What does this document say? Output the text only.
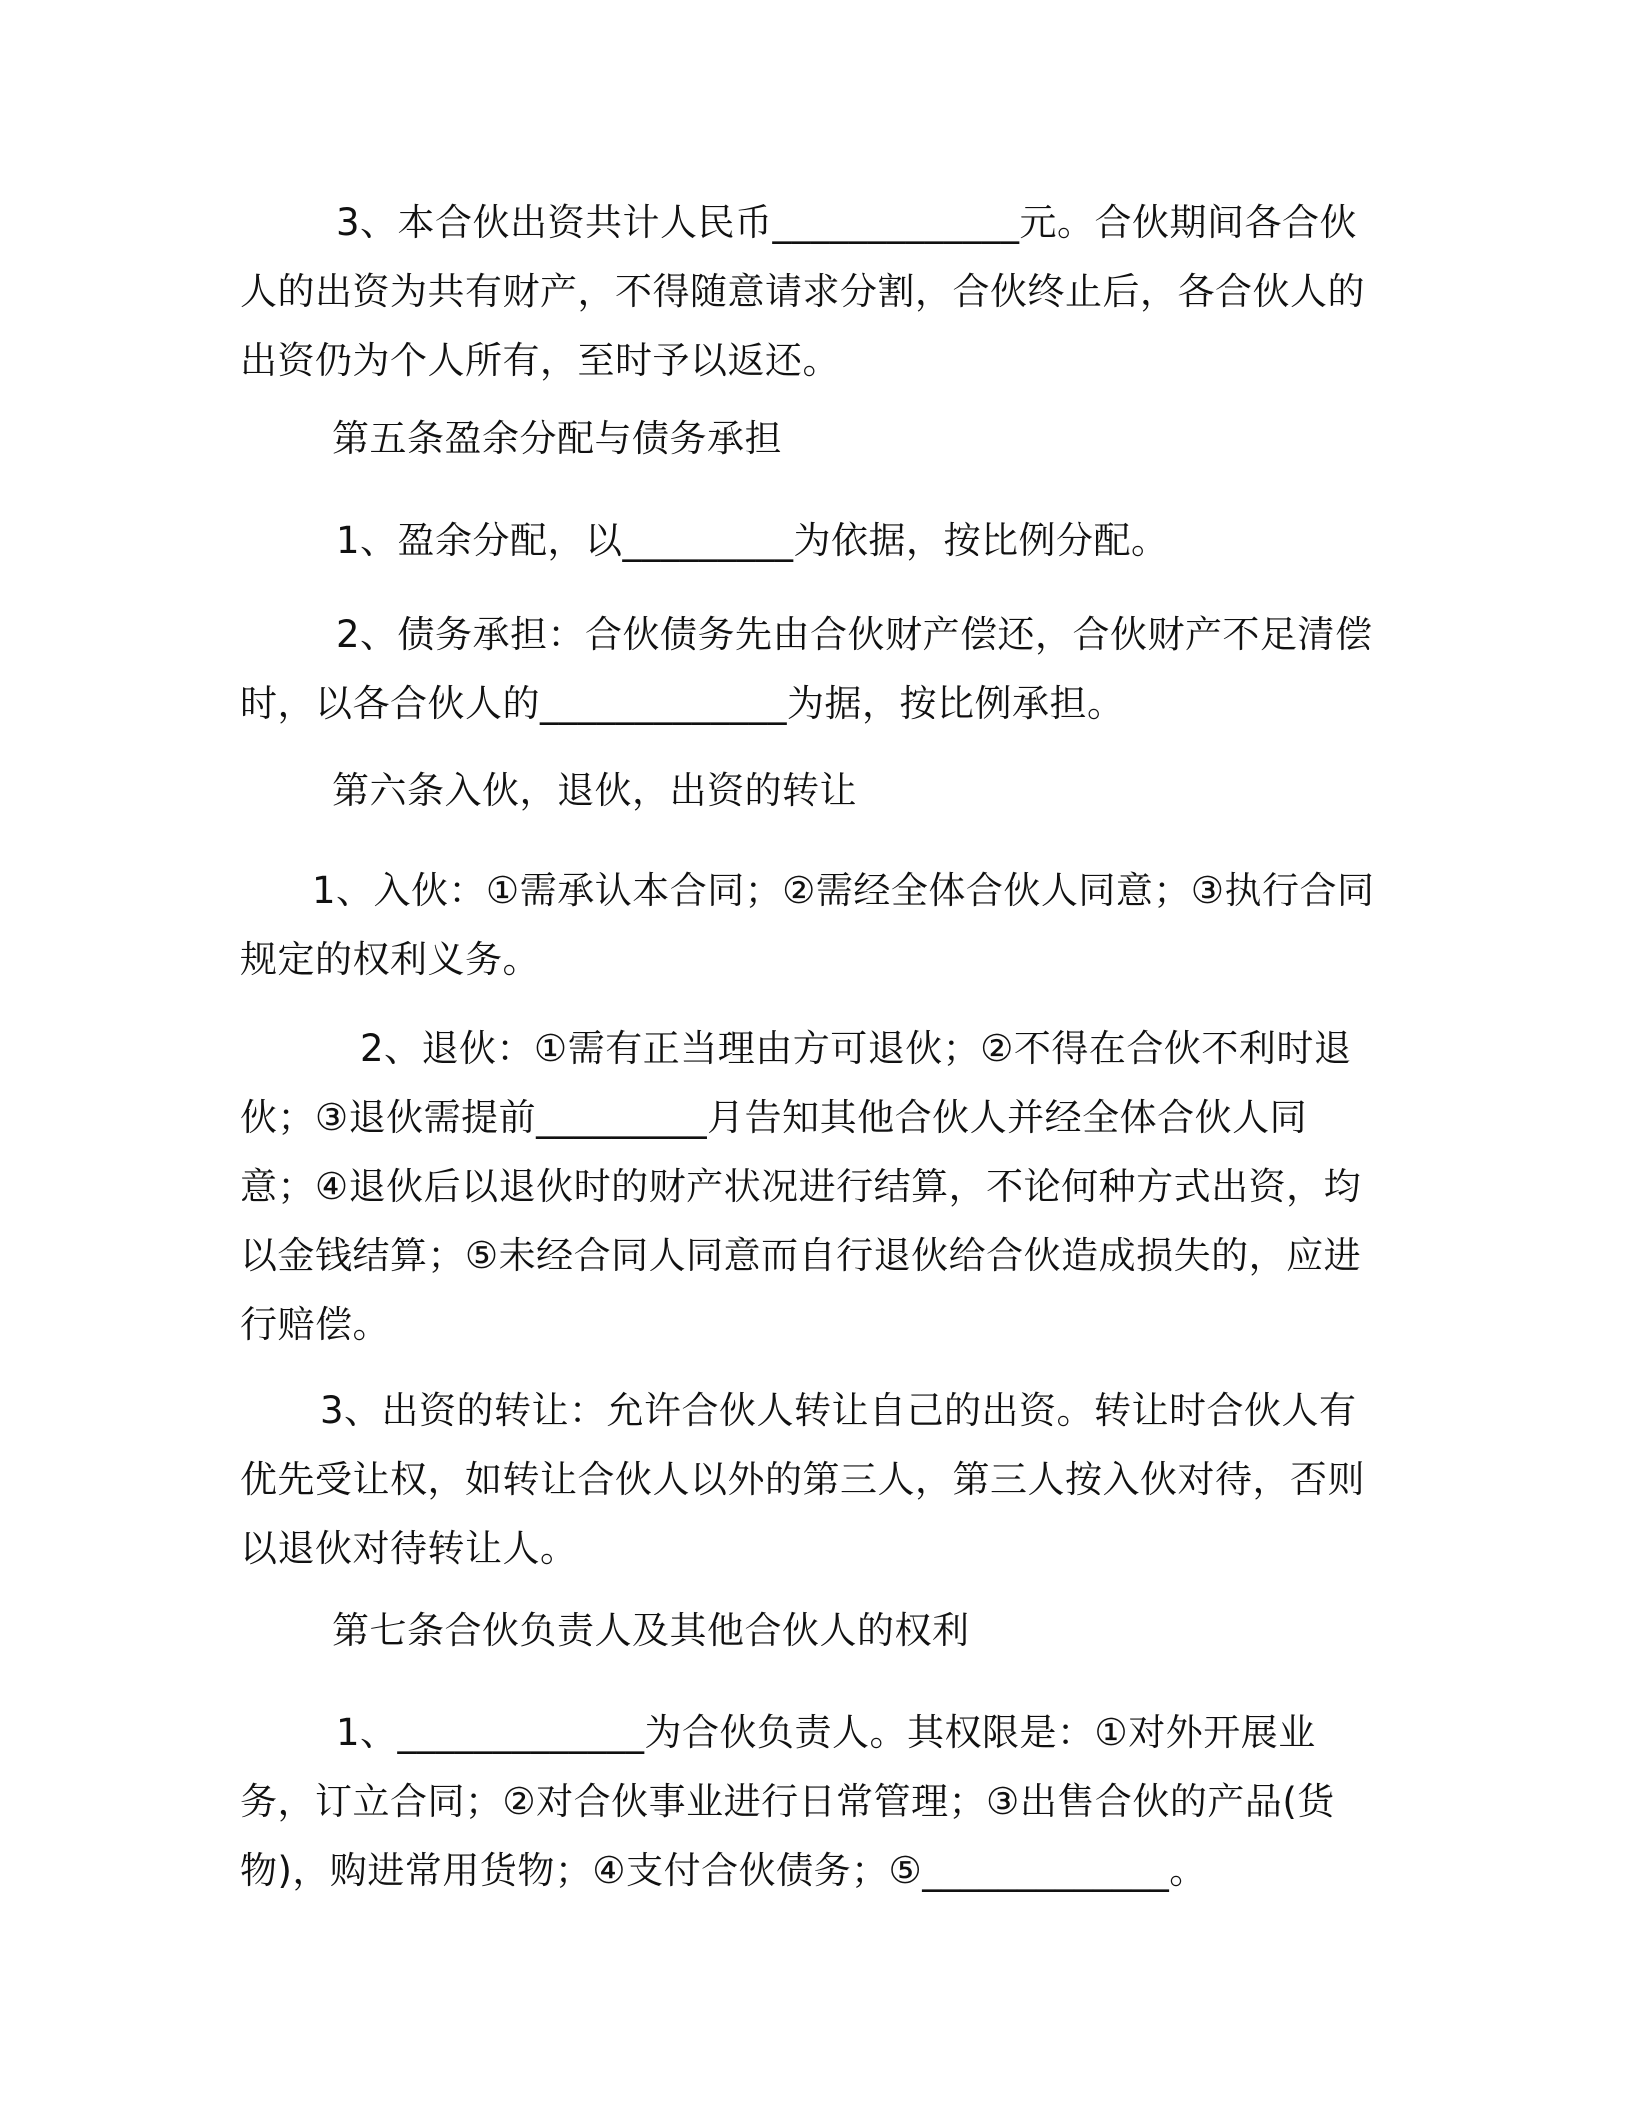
3、本合伙出资共计人民币_____________元。合伙期间各合伙人的出资为共有财产，不得随意请求分割，合伙终止后，各合伙人的出资仍为个人所有，至时予以返还。

第五条盈余分配与债务承担

1、盈余分配，以_________为依据，按比例分配。

2、债务承担：合伙债务先由合伙财产偿还，合伙财产不足清偿时，以各合伙人的_____________为据，按比例承担。

第六条入伙，退伙，出资的转让

1、入伙：①需承认本合同；②需经全体合伙人同意；③执行合同规定的权利义务。

2、退伙：①需有正当理由方可退伙；②不得在合伙不利时退伙；③退伙需提前_________月告知其他合伙人并经全体合伙人同意；④退伙后以退伙时的财产状况进行结算，不论何种方式出资，均以金钱结算；⑤未经合同人同意而自行退伙给合伙造成损失的，应进行赔偿。

3、出资的转让：允许合伙人转让自己的出资。转让时合伙人有优先受让权，如转让合伙人以外的第三人，第三人按入伙对待，否则以退伙对待转让人。

第七条合伙负责人及其他合伙人的权利

1、_____________为合伙负责人。其权限是：①对外开展业务，订立合同；②对合伙事业进行日常管理；③出售合伙的产品(货物)，购进常用货物；④支付合伙债务；⑤_____________。
